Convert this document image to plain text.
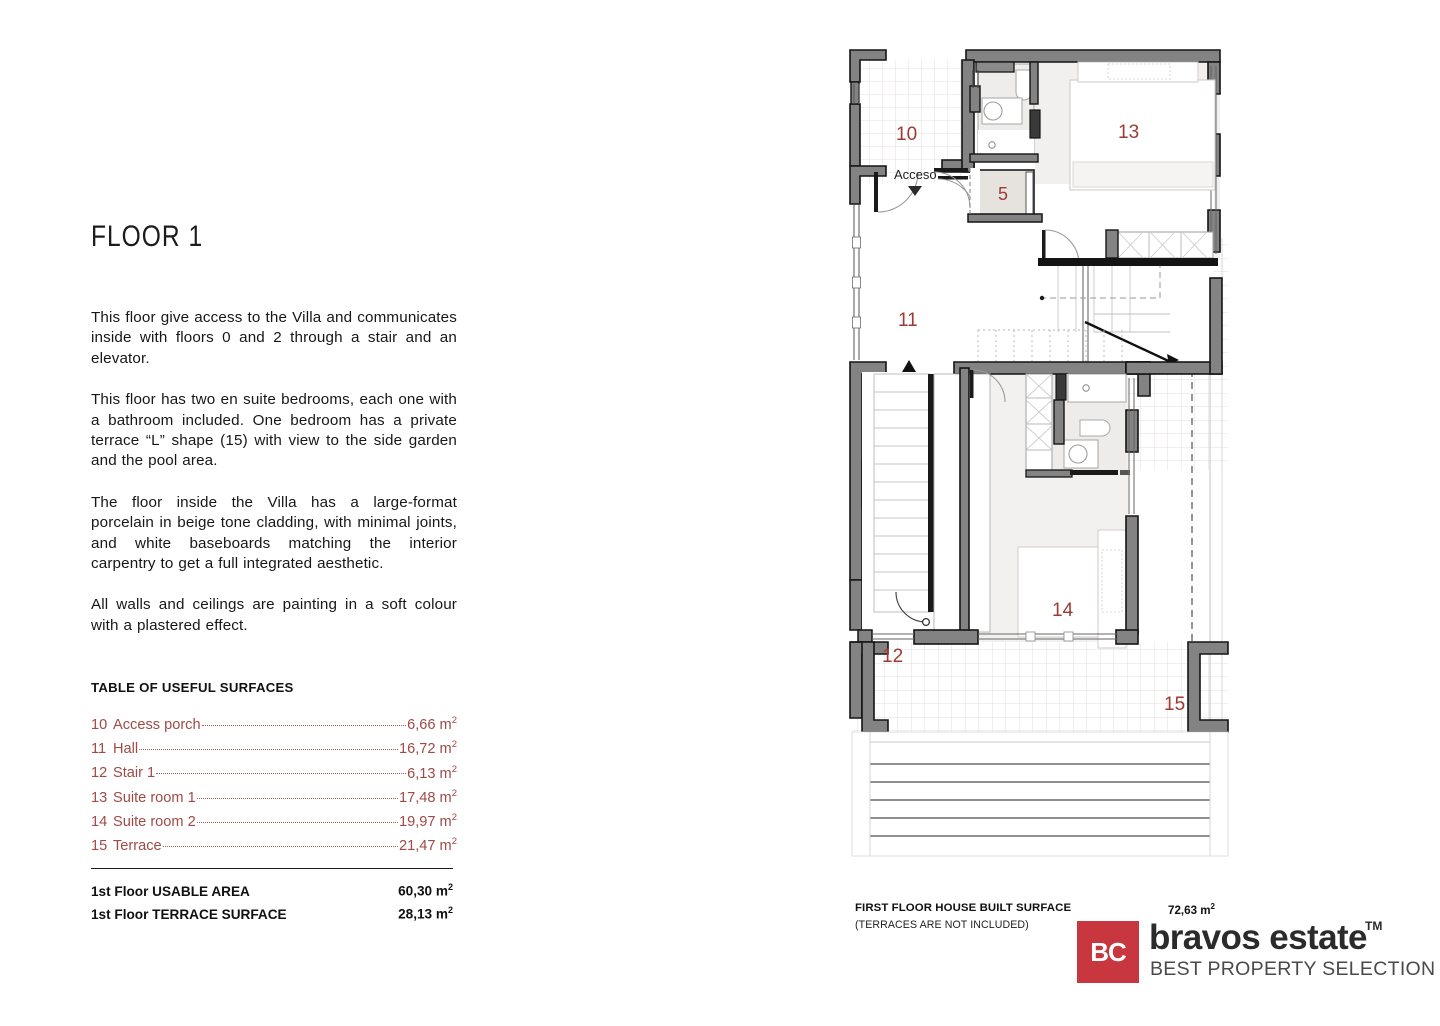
FLOOR 1

This floor give access to the Villa and communicates inside with floors 0 and 2 through a stair and an elevator.

This floor has two en suite bedrooms, each one with a bathroom included. One bedroom has a private terrace “L” shape (15) with view to the side garden and the pool area.

The floor inside the Villa has a large-format porcelain in beige tone cladding, with minimal joints, and white baseboards matching the interior carpentry to get a full integrated aesthetic.

All walls and ceilings are painting in a soft colour with a plastered effect.

TABLE OF USEFUL SURFACES
10 Access porch	6,66 $m^2$
11 Hall	16,72 $m^2$
12 Stair 1	6,13 $m^2$
13 Suite room 1	17,48 $m^2$
14 Suite room 2	19,97 $m^2$
15 Terrace	21,47 $m^2$
1st Floor USABLE AREA	60,30 $m^2$
1st Floor TERRACE SURFACE	28,13 $m^2$
Acceso
10	13
5
11
12
14
15
FIRST FLOOR HOUSE BUILT SURFACE
(TERRACES ARE NOT INCLUDED)
72,63 $m^2$
BC bravos estate
TM
BEST PROPERTY SELECTION
